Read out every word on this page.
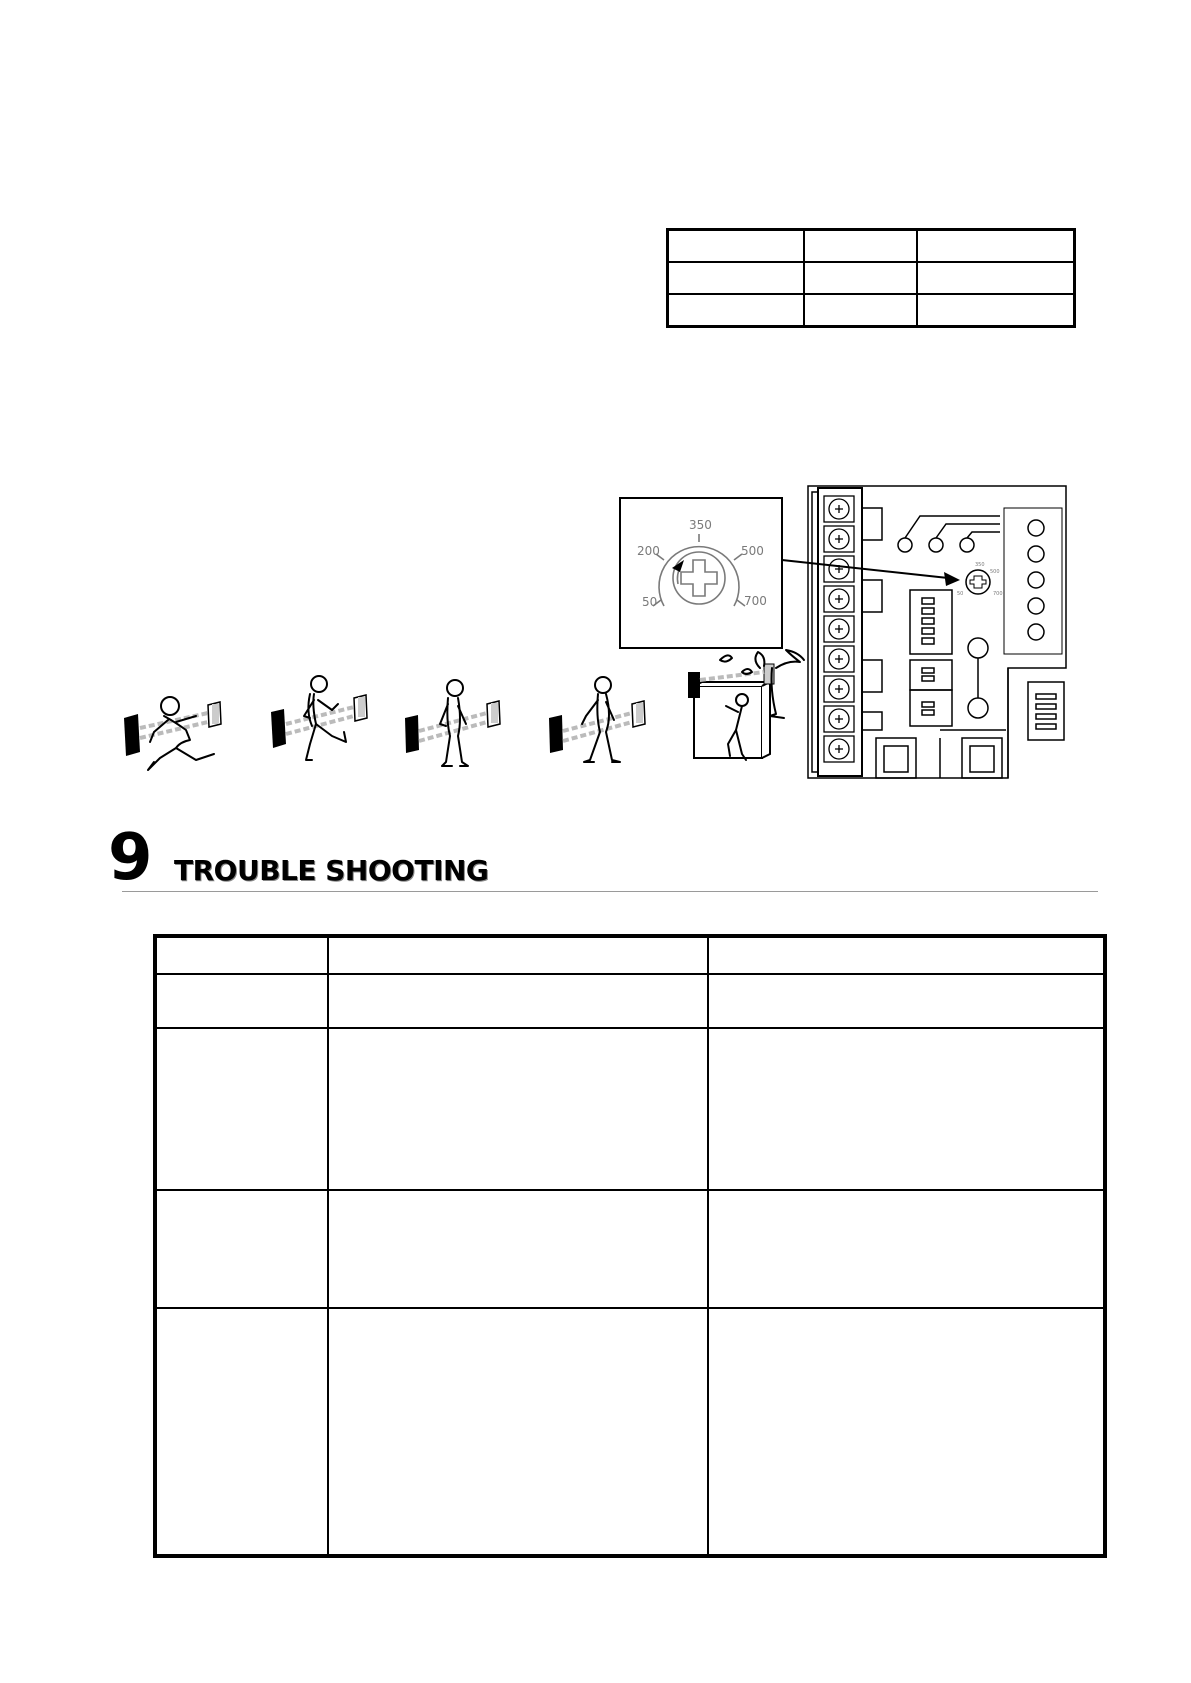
50
200
350
500
700
350
500
50	700
9 TROUBLE SHOOTING
